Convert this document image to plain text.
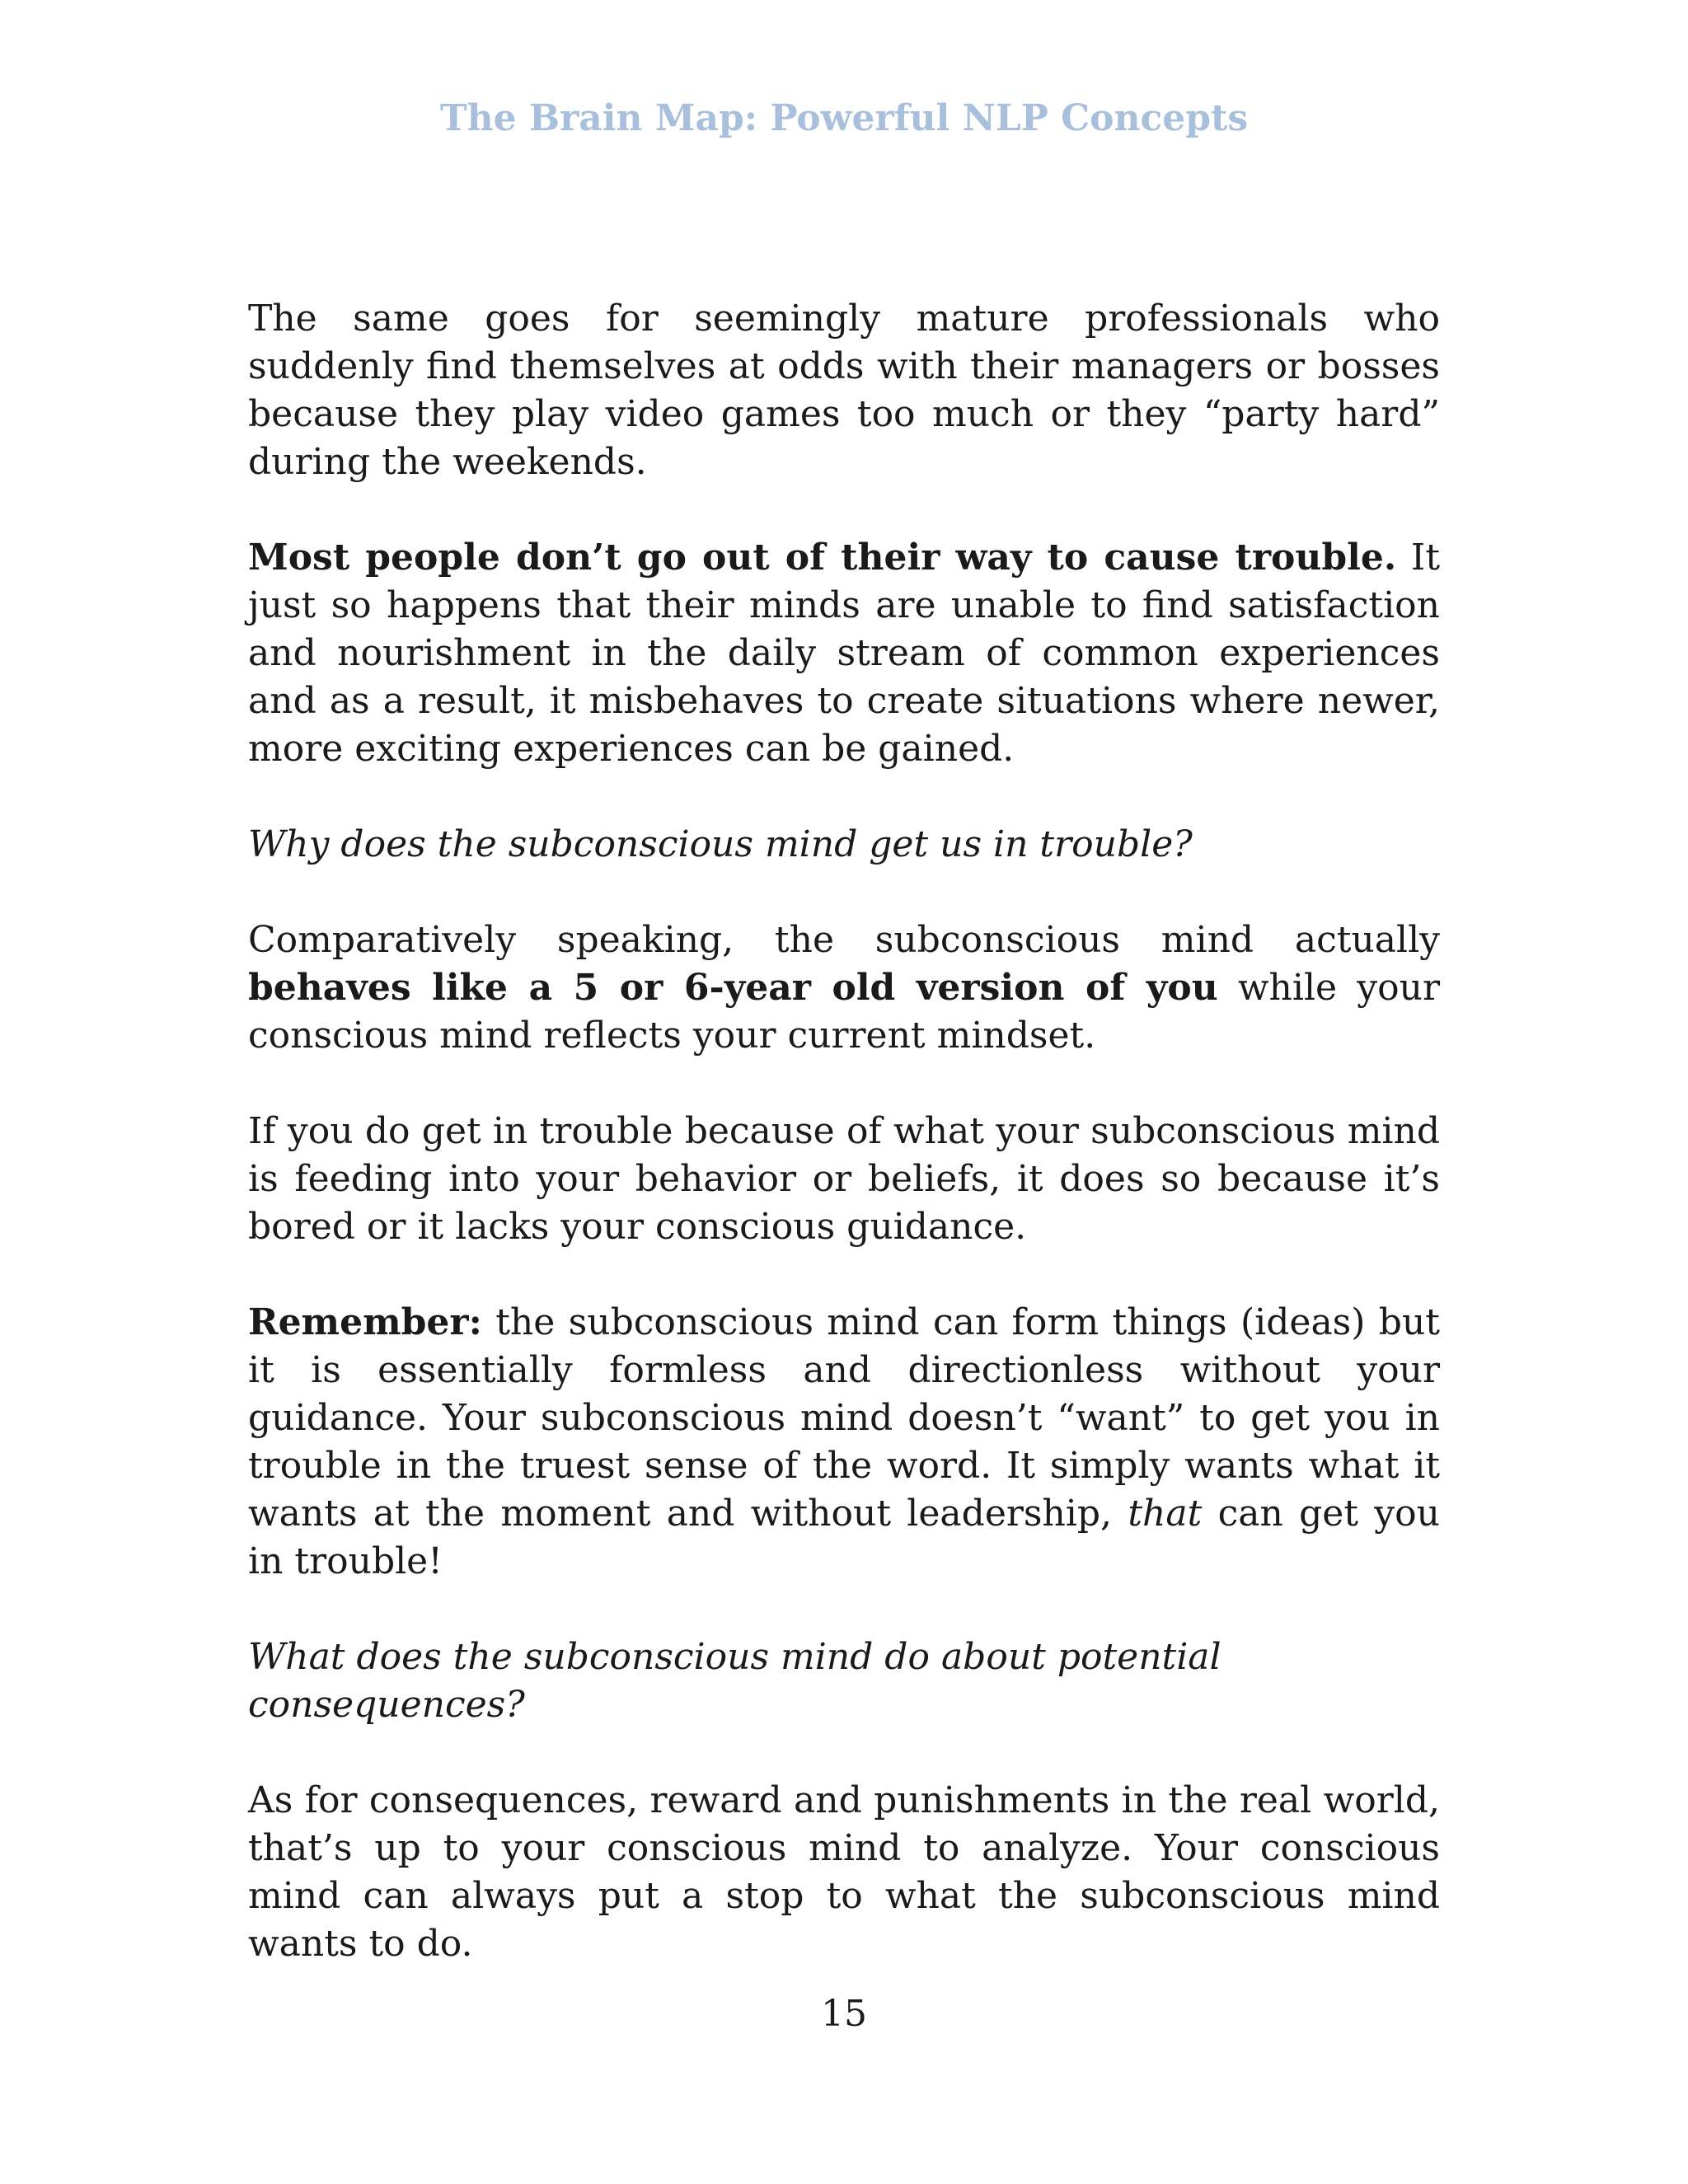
The Brain Map: Powerful NLP Concepts

The same goes for seemingly mature professionals who suddenly find themselves at odds with their managers or bosses because they play video games too much or they “party hard” during the weekends.

Most people don’t go out of their way to cause trouble. It just so happens that their minds are unable to find satisfaction and nourishment in the daily stream of common experiences and as a result, it misbehaves to create situations where newer, more exciting experiences can be gained.

Why does the subconscious mind get us in trouble?

Comparatively speaking, the subconscious mind actually behaves like a 5 or 6-year old version of you while your conscious mind reflects your current mindset.

If you do get in trouble because of what your subconscious mind is feeding into your behavior or beliefs, it does so because it’s bored or it lacks your conscious guidance.

Remember: the subconscious mind can form things (ideas) but it is essentially formless and directionless without your guidance. Your subconscious mind doesn’t “want” to get you in trouble in the truest sense of the word. It simply wants what it wants at the moment and without leadership, that can get you in trouble!

What does the subconscious mind do about potential consequences?

As for consequences, reward and punishments in the real world, that’s up to your conscious mind to analyze. Your conscious mind can always put a stop to what the subconscious mind wants to do.

15
